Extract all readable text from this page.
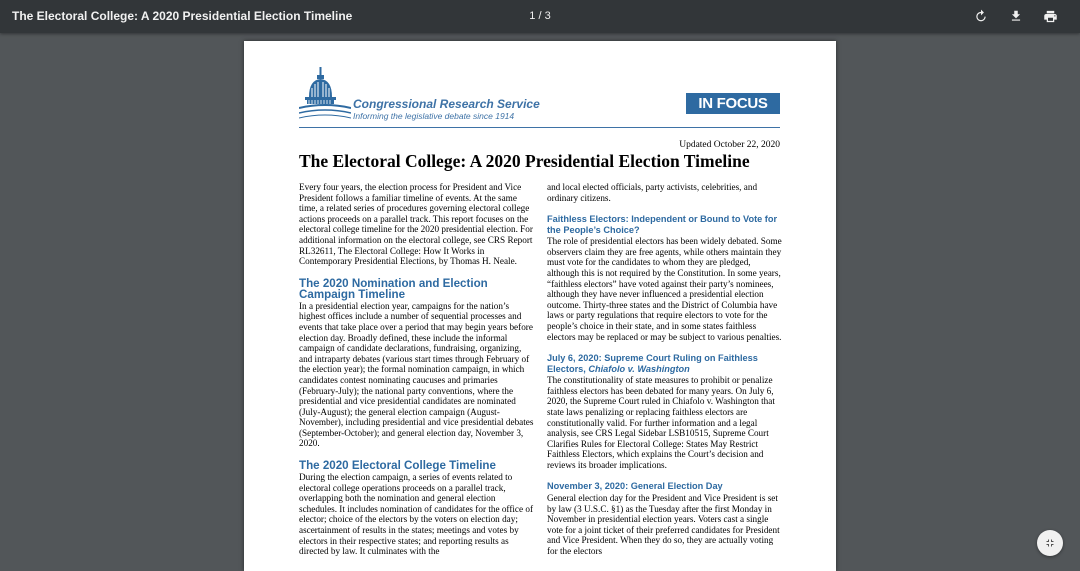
The Electoral College: A 2020 Presidential Election Timeline	1 / 3
Congressional Research Service
Informing the legislative debate since 1914
IN FOCUS
Updated October 22, 2020
The Electoral College: A 2020 Presidential Election Timeline

Every four years, the election process for President and Vice President follows a familiar timeline of events. At the same time, a related series of procedures governing electoral college actions proceeds on a parallel track. This report focuses on the electoral college timeline for the 2020 presidential election. For additional information on the electoral college, see CRS Report RL32611, The Electoral College: How It Works in Contemporary Presidential Elections, by Thomas H. Neale.

The 2020 Nomination and Election Campaign Timeline

In a presidential election year, campaigns for the nation’s highest offices include a number of sequential processes and events that take place over a period that may begin years before election day. Broadly defined, these include the informal campaign of candidate declarations, fundraising, organizing, and intraparty debates (various start times through February of the election year); the formal nomination campaign, in which candidates contest nominating caucuses and primaries (February-July); the national party conventions, where the presidential and vice presidential candidates are nominated (July-August); the general election campaign (August-November), including presidential and vice presidential debates (September-October); and general election day, November 3, 2020.

The 2020 Electoral College Timeline

During the election campaign, a series of events related to electoral college operations proceeds on a parallel track, overlapping both the nomination and general election schedules. It includes nomination of candidates for the office of elector; choice of the electors by the voters on election day; ascertainment of results in the states; meetings and votes by electors in their respective states; and reporting results as directed by law. It culminates with the

and local elected officials, party activists, celebrities, and ordinary citizens.

Faithless Electors: Independent or Bound to Vote for the People’s Choice?

The role of presidential electors has been widely debated. Some observers claim they are free agents, while others maintain they must vote for the candidates to whom they are pledged, although this is not required by the Constitution. In some years, “faithless electors” have voted against their party’s nominees, although they have never influenced a presidential election outcome. Thirty-three states and the District of Columbia have laws or party regulations that require electors to vote for the people’s choice in their state, and in some states faithless electors may be replaced or may be subject to various penalties.

July 6, 2020: Supreme Court Ruling on Faithless Electors, Chiafolo v. Washington

The constitutionality of state measures to prohibit or penalize faithless electors has been debated for many years. On July 6, 2020, the Supreme Court ruled in Chiafolo v. Washington that state laws penalizing or replacing faithless electors are constitutionally valid. For further information and a legal analysis, see CRS Legal Sidebar LSB10515, Supreme Court Clarifies Rules for Electoral College: States May Restrict Faithless Electors, which explains the Court’s decision and reviews its broader implications.

November 3, 2020: General Election Day

General election day for the President and Vice President is set by law (3 U.S.C. §1) as the Tuesday after the first Monday in November in presidential election years. Voters cast a single vote for a joint ticket of their preferred candidates for President and Vice President. When they do so, they are actually voting for the electors
